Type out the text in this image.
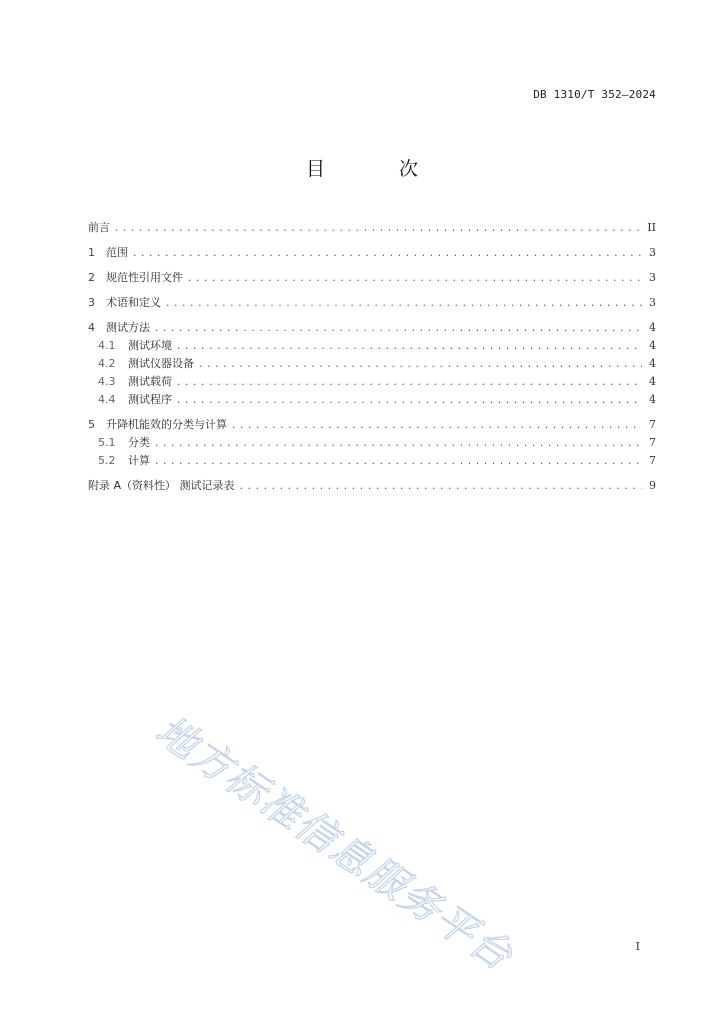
DB 1310/T 352—2024
目 次
前言 .....	II
1	范围 .....	3
2	规范性引用文件 .....	3
3	术语和定义 .....	3
4	测试方法 .....	4
4.1	测试环境 .....	4
4.2	测试仪器设备 .....	4
4.3	测试载荷 .....	4
4.4	测试程序 .....	4
5	升降机能效的分类与计算 .....	7
5.1	分类 .....	7
5.2	计算 .....	7
附录 A（资料性） 测试记录表 .....	9
地方标准信息服务平台	I
